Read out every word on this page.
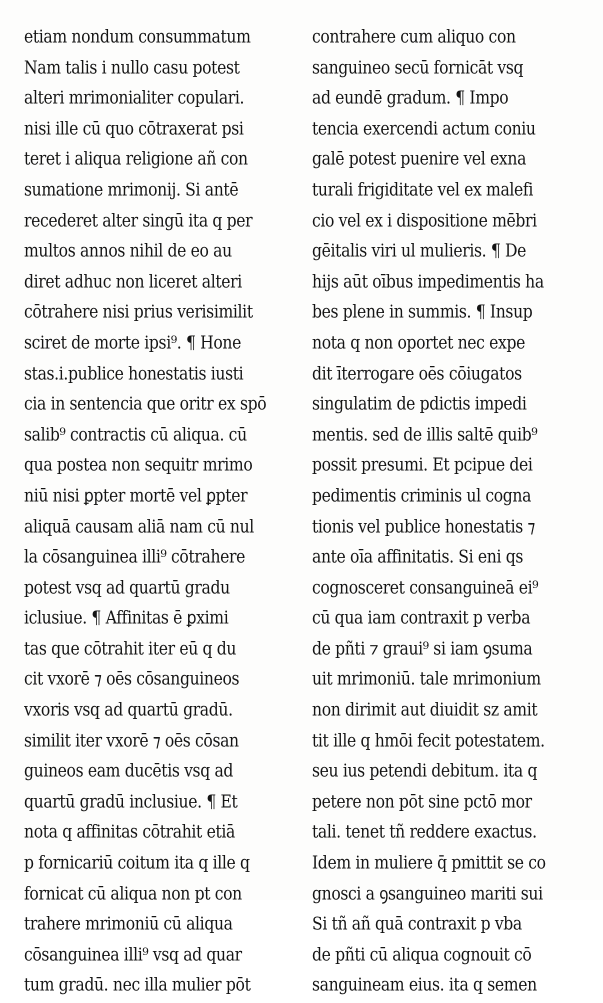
etiam nondum consummatum
Nam talis i nullo casu potest
alteri mrimonialiter copulari.
nisi ille cū quo cōtraxerat psi
teret i aliqua religione añ con
sumatione mrimonij. Si antē
recederet alter singū ita q per
multos annos nihil de eo au
diret adhuc non liceret alteri
cōtrahere nisi prius verisimilit
sciret de morte ipsi⁹. ¶ Hone
stas.i.publice honestatis iusti
cia in sentencia que oritr ex spō
salib⁹ contractis cū aliqua. cū
qua postea non sequitr mrimo
niū nisi ꝑpter mortē vel ꝑpter
aliquā causam aliā nam cū nul
la cōsanguinea illi⁹ cōtrahere
potest vsq ad quartū gradu
iclusiue. ¶ Affinitas ē ꝑximi
tas que cōtrahit iter eū q du
cit vxorē ⁊ oēs cōsanguineos
vxoris vsq ad quartū gradū.
similit iter vxorē ⁊ oēs cōsan
guineos eam ducētis vsq ad
quartū gradū inclusiue. ¶ Et
nota q affinitas cōtrahit etiā
p fornicariū coitum ita q ille q
fornicat cū aliqua non pt con
trahere mrimoniū cū aliqua
cōsanguinea illi⁹ vsq ad quar
tum gradū. nec illa mulier pōt
contrahere cum aliquo con
sanguineo secū fornicāt vsq
ad eundē gradum. ¶ Impo
tencia exercendi actum coniu
galē potest puenire vel exna
turali frigiditate vel ex malefi
cio vel ex i dispositione mēbri
gēitalis viri ul mulieris. ¶ De
hijs aūt oībus impedimentis ha
bes plene in summis. ¶ Insup
nota q non oportet nec expe
dit īterrogare oēs cōiugatos
singulatim de pdictis impedi
mentis. sed de illis saltē quib⁹
possit presumi. Et pcipue dei
pedimentis criminis ul cogna
tionis vel publice honestatis ⁊
ante oīa affinitatis. Si eni qs
cognosceret consanguineā ei⁹
cū qua iam contraxit p verba
de pñti ⁊ graui⁹ si iam ꝯsuma
uit mrimoniū. tale mrimonium
non dirimit aut diuidit sz amit
tit ille q hmōi fecit potestatem.
seu ius petendi debitum. ita q
petere non pōt sine pctō mor
tali. tenet tñ reddere exactus.
Idem in muliere q̄ pmittit se co
gnosci a ꝯsanguineo mariti sui
Si tñ añ quā contraxit p vba
de pñti cū aliqua cognouit cō
sanguineam eius. ita q semen
